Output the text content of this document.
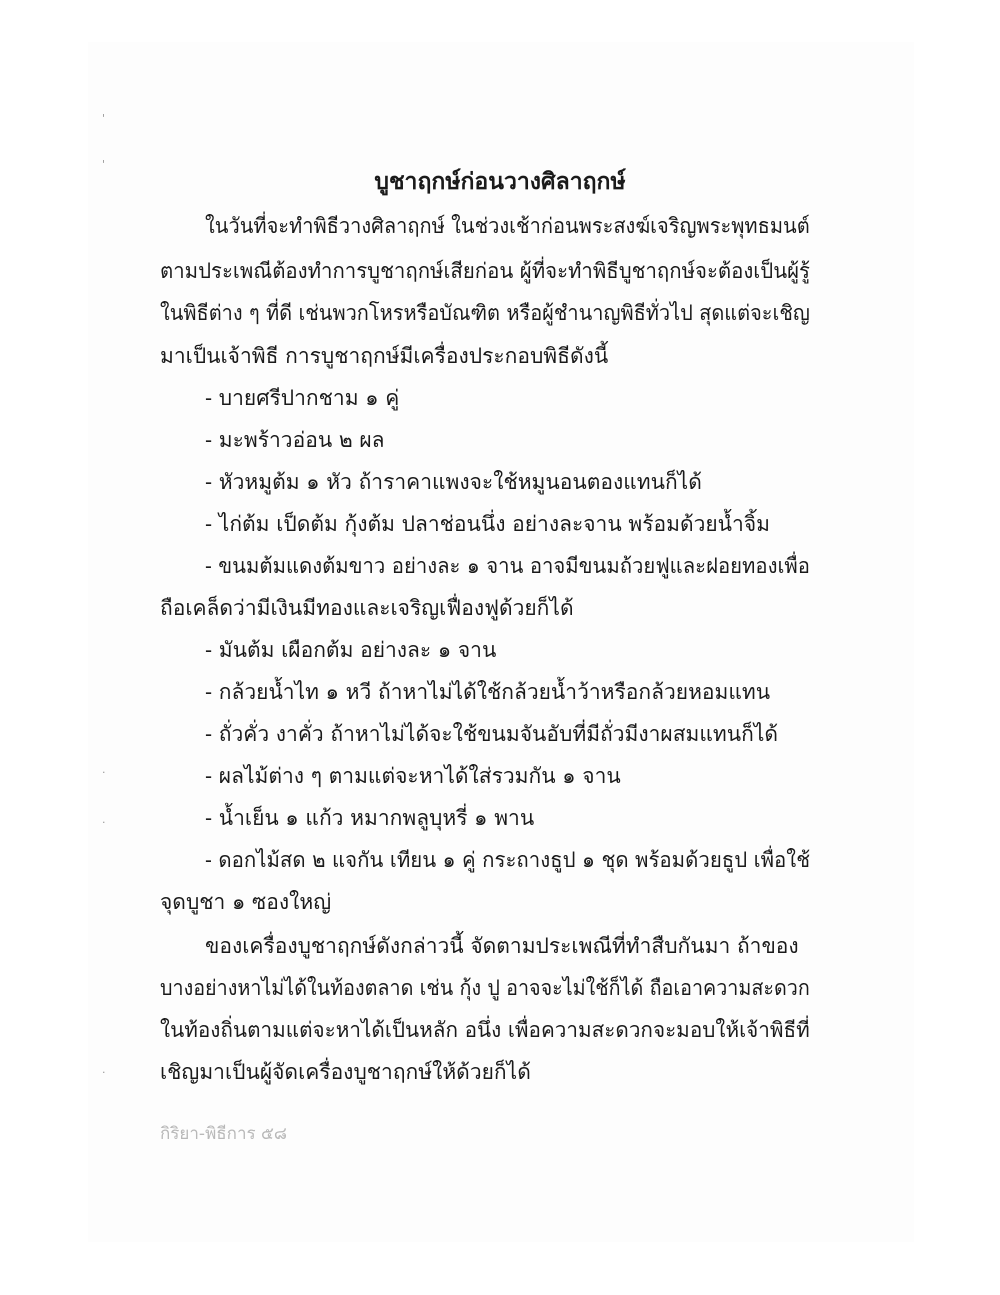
ꞌ
ꞌ
·
·
·
บูชาฤกษ์ก่อนวางศิลาฤกษ์
ในวันที่จะทำพิธีวางศิลาฤกษ์ ในช่วงเช้าก่อนพระสงฆ์เจริญพระพุทธมนต์
ตามประเพณีต้องทำการบูชาฤกษ์เสียก่อน ผู้ที่จะทำพิธีบูชาฤกษ์จะต้องเป็นผู้รู้
ในพิธีต่าง ๆ ที่ดี เช่นพวกโหรหรือบัณฑิต หรือผู้ชำนาญพิธีทั่วไป สุดแต่จะเชิญ
มาเป็นเจ้าพิธี การบูชาฤกษ์มีเครื่องประกอบพิธีดังนี้
- บายศรีปากชาม ๑ คู่
- มะพร้าวอ่อน ๒ ผล
- หัวหมูต้ม ๑ หัว ถ้าราคาแพงจะใช้หมูนอนตองแทนก็ได้
- ไก่ต้ม เป็ดต้ม กุ้งต้ม ปลาช่อนนึ่ง อย่างละจาน พร้อมด้วยน้ำจิ้ม
- ขนมต้มแดงต้มขาว อย่างละ ๑ จาน อาจมีขนมถ้วยฟูและฝอยทองเพื่อ
ถือเคล็ดว่ามีเงินมีทองและเจริญเฟื่องฟูด้วยก็ได้
- มันต้ม เผือกต้ม อย่างละ ๑ จาน
- กล้วยน้ำไท ๑ หวี ถ้าหาไม่ได้ใช้กล้วยน้ำว้าหรือกล้วยหอมแทน
- ถั่วคั่ว งาคั่ว ถ้าหาไม่ได้จะใช้ขนมจันอับที่มีถั่วมีงาผสมแทนก็ได้
- ผลไม้ต่าง ๆ ตามแต่จะหาได้ใส่รวมกัน ๑ จาน
- น้ำเย็น ๑ แก้ว หมากพลูบุหรี่ ๑ พาน
- ดอกไม้สด ๒ แจกัน เทียน ๑ คู่ กระถางธูป ๑ ชุด พร้อมด้วยธูป เพื่อใช้
จุดบูชา ๑ ซองใหญ่
ของเครื่องบูชาฤกษ์ดังกล่าวนี้ จัดตามประเพณีที่ทำสืบกันมา ถ้าของ
บางอย่างหาไม่ได้ในท้องตลาด เช่น กุ้ง ปู อาจจะไม่ใช้ก็ได้ ถือเอาความสะดวก
ในท้องถิ่นตามแต่จะหาได้เป็นหลัก อนึ่ง เพื่อความสะดวกจะมอบให้เจ้าพิธีที่
เชิญมาเป็นผู้จัดเครื่องบูชาฤกษ์ให้ด้วยก็ได้
กิริยา-พิธีการ ๕๘
